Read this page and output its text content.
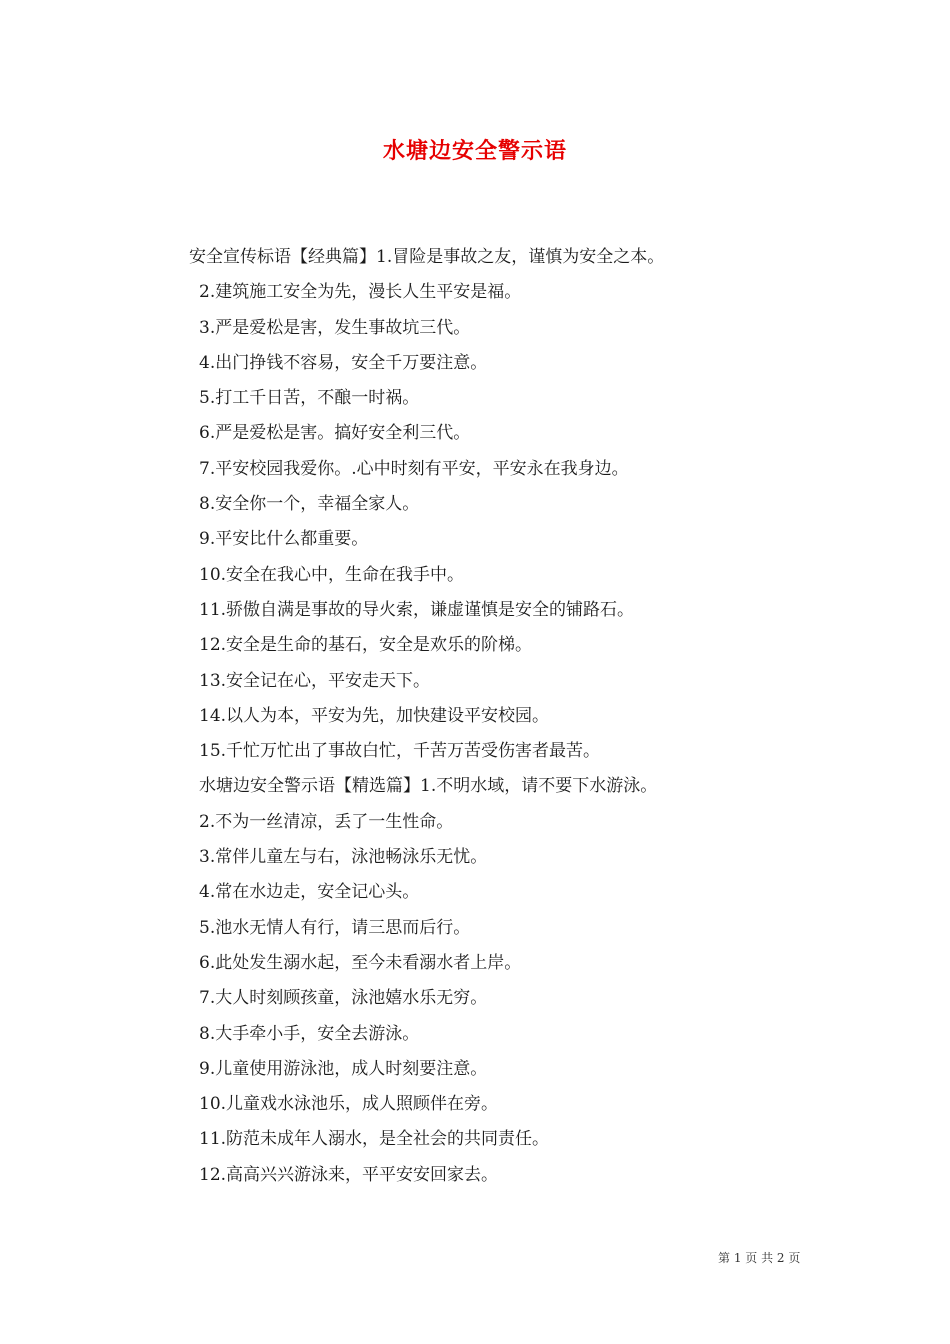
水塘边安全警示语
安全宣传标语【经典篇】1.冒险是事故之友，谨慎为安全之本。
2.建筑施工安全为先，漫长人生平安是福。
3.严是爱松是害，发生事故坑三代。
4.出门挣钱不容易，安全千万要注意。
5.打工千日苦，不酿一时祸。
6.严是爱松是害。搞好安全利三代。
7.平安校园我爱你。.心中时刻有平安，平安永在我身边。
8.安全你一个，幸福全家人。
9.平安比什么都重要。
10.安全在我心中，生命在我手中。
11.骄傲自满是事故的导火索，谦虚谨慎是安全的铺路石。
12.安全是生命的基石，安全是欢乐的阶梯。
13.安全记在心，平安走天下。
14.以人为本，平安为先，加快建设平安校园。
15.千忙万忙出了事故白忙，千苦万苦受伤害者最苦。
水塘边安全警示语【精选篇】1.不明水域，请不要下水游泳。
2.不为一丝清凉，丢了一生性命。
3.常伴儿童左与右，泳池畅泳乐无忧。
4.常在水边走，安全记心头。
5.池水无情人有行，请三思而后行。
6.此处发生溺水起，至今未看溺水者上岸。
7.大人时刻顾孩童，泳池嬉水乐无穷。
8.大手牵小手，安全去游泳。
9.儿童使用游泳池，成人时刻要注意。
10.儿童戏水泳池乐，成人照顾伴在旁。
11.防范未成年人溺水，是全社会的共同责任。
12.高高兴兴游泳来，平平安安回家去。
第 1 页 共 2 页
